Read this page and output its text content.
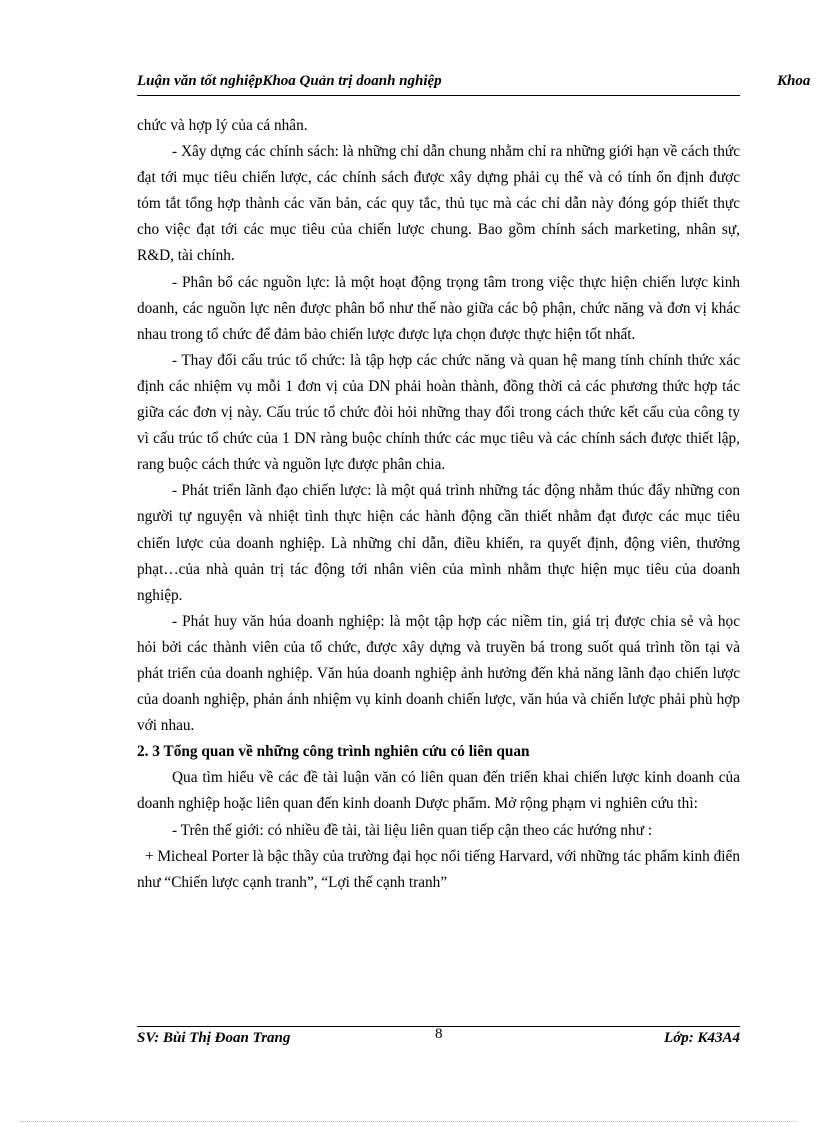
Luận văn tốt nghiệpKhoa Quản trị doanh nghiệp	Khoa

chức và hợp lý của cá nhân.

- Xây dựng các chính sách: là những chỉ dẫn chung nhằm chỉ ra những giới hạn về cách thức đạt tới mục tiêu chiến lược, các chính sách được xây dựng phải cụ thể và có tính ổn định được tóm tắt tổng hợp thành các văn bản, các quy tắc, thủ tục mà các chỉ dẫn này đóng góp thiết thực cho việc đạt tới các mục tiêu của chiến lược chung. Bao gồm chính sách marketing, nhân sự, R&D, tài chính.

- Phân bổ các nguồn lực: là một hoạt động trọng tâm trong việc thực hiện chiến lược kinh doanh, các nguồn lực nên được phân bổ như thế nào giữa các bộ phận, chức năng và đơn vị khác nhau trong tổ chức để đảm bảo chiến lược được lựa chọn được thực hiện tốt nhất.

- Thay đổi cấu trúc tổ chức: là tập hợp các chức năng và quan hệ mang tính chính thức xác định các nhiệm vụ mỗi 1 đơn vị của DN phải hoàn thành, đồng thời cả các phương thức hợp tác giữa các đơn vị này. Cấu trúc tổ chức đòi hỏi những thay đổi trong cách thức kết cấu của công ty vì cấu trúc tổ chức của 1 DN ràng buộc chính thức các mục tiêu và các chính sách được thiết lập, rang buộc cách thức và nguồn lực được phân chia.

- Phát triển lãnh đạo chiến lược: là một quá trình những tác động nhằm thúc đẩy những con người tự nguyện và nhiệt tình thực hiện các hành động cần thiết nhằm đạt được các mục tiêu chiến lược của doanh nghiệp. Là những chỉ dẫn, điều khiển, ra quyết định, động viên, thưởng phạt…của nhà quản trị tác động tới nhân viên của mình nhằm thực hiện mục tiêu của doanh nghiệp.

- Phát huy văn húa doanh nghiệp: là một tập hợp các niềm tin, giá trị được chia sẻ và học hỏi bởi các thành viên của tổ chức, được xây dựng và truyền bá trong suốt quá trình tồn tại và phát triển của doanh nghiệp. Văn húa doanh nghiệp ảnh hưởng đến khả năng lãnh đạo chiến lược của doanh nghiệp, phản ánh nhiệm vụ kinh doanh chiến lược, văn húa và chiến lược phải phù hợp với nhau.

2. 3 Tổng quan về những công trình nghiên cứu có liên quan

Qua tìm hiểu về các đề tài luận văn có liên quan đến triển khai chiến lược kinh doanh của doanh nghiệp hoặc liên quan đến kinh doanh Dược phẩm. Mở rộng phạm vi nghiên cứu thì:

- Trên thế giới: có nhiều đề tài, tài liệu liên quan tiếp cận theo các hướng như :

+ Micheal Porter là bậc thầy của trường đại học nổi tiếng Harvard, với những tác phẩm kinh điển như “Chiến lược cạnh tranh”, “Lợi thế cạnh tranh”

SV: Bùi Thị Đoan Trang	8	Lớp: K43A4
